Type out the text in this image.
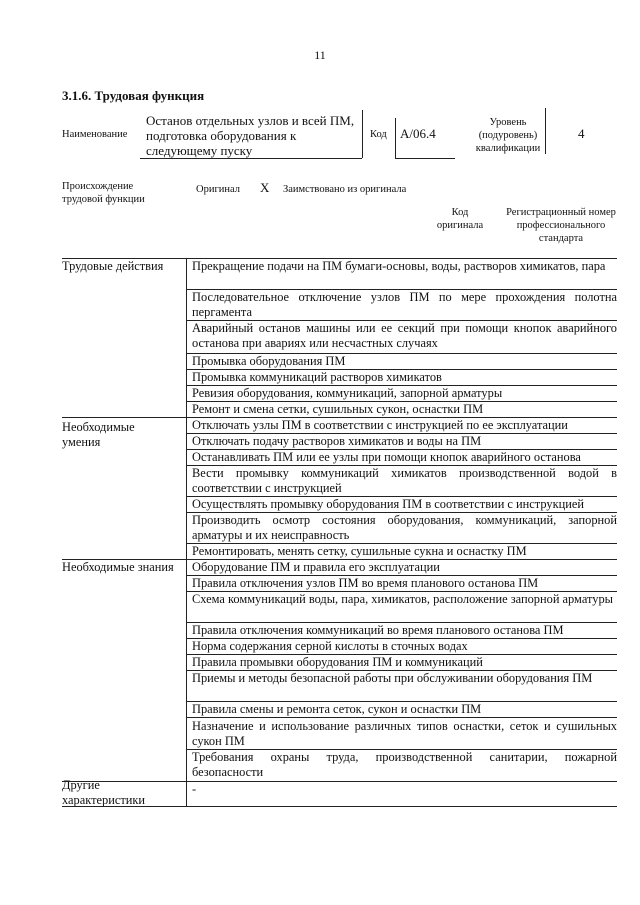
11
3.1.6. Трудовая функция
Наименование
Останов отдельных узлов и всей ПМ, подготовка оборудования к следующему пуску
Код А/06.4
Уровень (подуровень) квалификации
4
Происхождение трудовой функции
Оригинал X Заимствовано из оригинала
Код оригинала
Регистрационный номер профессионального стандарта
Трудовые действия
Необходимые умения
Необходимые знания
Другие характеристики
Прекращение подачи на ПМ бумаги-основы, воды, растворов химикатов, пара
Последовательное отключение узлов ПМ по мере прохождения полотна пергамента
Аварийный останов машины или ее секций при помощи кнопок аварийного останова при авариях или несчастных случаях
Промывка оборудования ПМ
Промывка коммуникаций растворов химикатов
Ревизия оборудования, коммуникаций, запорной арматуры
Ремонт и смена сетки, сушильных сукон, оснастки ПМ
Отключать узлы ПМ в соответствии с инструкцией по ее эксплуатации
Отключать подачу растворов химикатов и воды на ПМ
Останавливать ПМ или ее узлы при помощи кнопок аварийного останова
Вести промывку коммуникаций химикатов производственной водой в соответствии с инструкцией
Осуществлять промывку оборудования ПМ в соответствии с инструкцией
Производить осмотр состояния оборудования, коммуникаций, запорной арматуры и их неисправность
Ремонтировать, менять сетку, сушильные сукна и оснастку ПМ
Оборудование ПМ и правила его эксплуатации
Правила отключения узлов ПМ во время планового останова ПМ
Схема коммуникаций воды, пара, химикатов, расположение запорной арматуры
Правила отключения коммуникаций во время планового останова ПМ
Норма содержания серной кислоты в сточных водах
Правила промывки оборудования ПМ и коммуникаций
Приемы и методы безопасной работы при обслуживании оборудования ПМ
Правила смены и ремонта сеток, сукон и оснастки ПМ
Назначение и использование различных типов оснастки, сеток и сушильных сукон ПМ
Требования охраны труда, производственной санитарии, пожарной безопасности
-
